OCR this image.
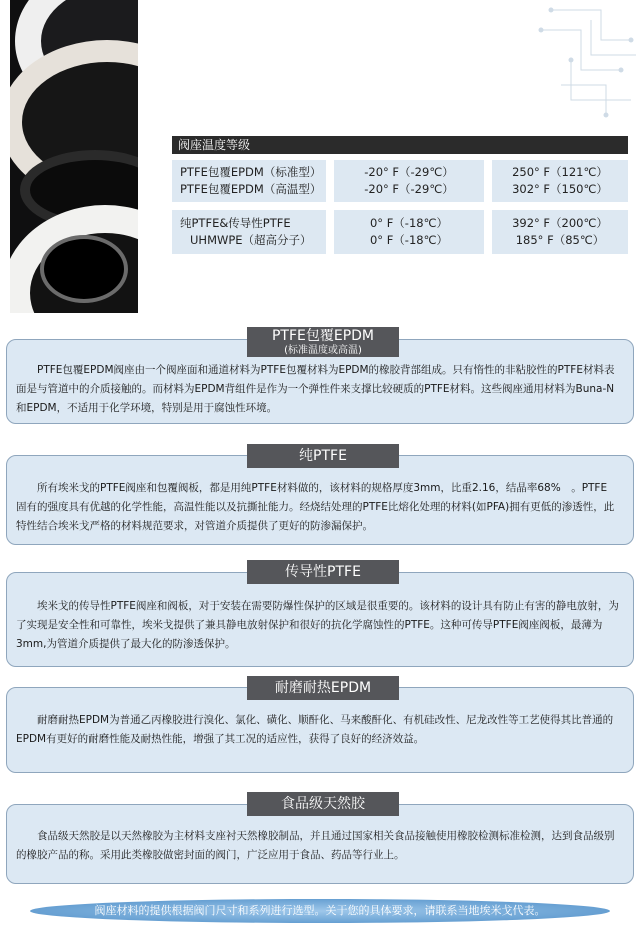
阀座温度等级
PTFE包覆EPDM（标准型）
PTFE包覆EPDM（高温型）
-20° F（-29℃）
-20° F（-29℃）
250° F（121℃）
302° F（150℃）
纯PTFE&传导性PTFE
UHMWPE（超高分子）
0° F（-18℃）
0° F（-18℃）
392° F（200℃）
185° F（85℃）
PTFE包覆EPDM
(标准温度或高温)
　　PTFE包覆EPDM阀座由一个阀座面和通道材料为PTFE包覆材料为EPDM的橡胶背部组成。只有惰性的非粘胶性的PTFE材料表面是与管道中的介质接触的。而材料为EPDM背组件是作为一个弹性件来支撑比较硬质的PTFE材料。这些阀座通用材料为Buna-N和EPDM，不适用于化学环境，特别是用于腐蚀性环境。
纯PTFE
　　所有埃米戈的PTFE阀座和包覆阀板，都是用纯PTFE材料做的，该材料的规格厚度3mm，比重2.16，结晶率68%　。PTFE　固有的强度具有优越的化学性能，高温性能以及抗撕扯能力。经烧结处理的PTFE比熔化处理的材料(如PFA)拥有更低的渗透性，此特性结合埃米戈严格的材料规范要求，对管道介质提供了更好的防渗漏保护。
传导性PTFE
　　埃米戈的传导性PTFE阀座和阀板，对于安装在需要防爆性保护的区域是很重要的。该材料的设计具有防止有害的静电放射，为了实现是安全性和可靠性，埃米戈提供了兼具静电放射保护和很好的抗化学腐蚀性的PTFE。这种可传导PTFE阀座阀板，最薄为3mm,为管道介质提供了最大化的防渗透保护。
耐磨耐热EPDM
　　耐磨耐热EPDM为普通乙丙橡胶进行溴化、氯化、磺化、顺酐化、马来酸酐化、有机硅改性、尼龙改性等工艺使得其比普通的EPDM有更好的耐磨性能及耐热性能，增强了其工况的适应性，获得了良好的经济效益。
食品级天然胶
　　食品级天然胶是以天然橡胶为主材料支座衬天然橡胶制品，并且通过国家相关食品接触使用橡胶检测标准检测，达到食品级别的橡胶产品的称。采用此类橡胶做密封面的阀门，广泛应用于食品、药品等行业上。
阀座材料的提供根据阀门尺寸和系列进行选型。关于您的具体要求，请联系当地埃米戈代表。
